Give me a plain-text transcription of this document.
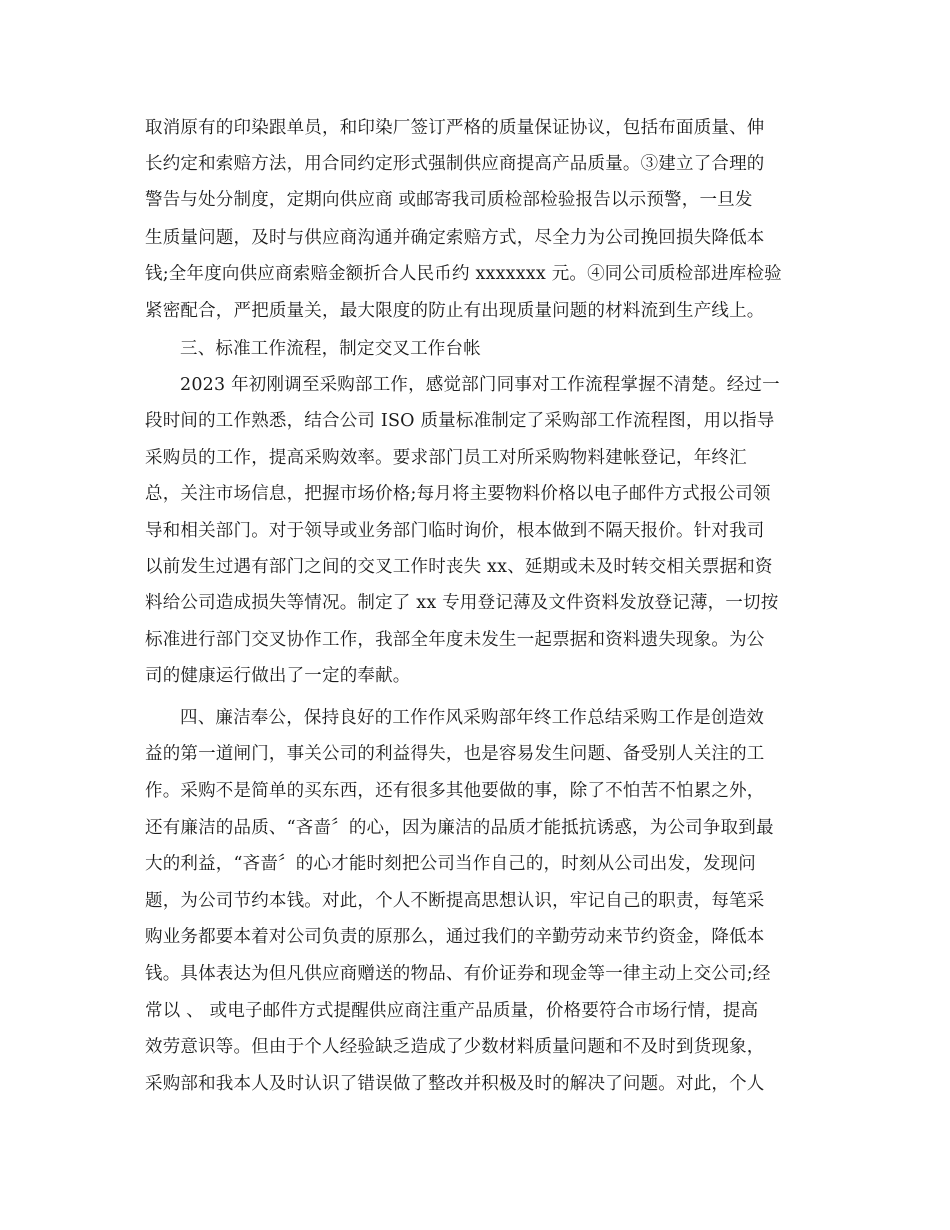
取消原有的印染跟单员，和印染厂签订严格的质量保证协议，包括布面质量、伸
长约定和索赔方法，用合同约定形式强制供应商提高产品质量。③建立了合理的
警告与处分制度，定期向供应商 或邮寄我司质检部检验报告以示预警，一旦发
生质量问题，及时与供应商沟通并确定索赔方式，尽全力为公司挽回损失降低本
钱;全年度向供应商索赔金额折合人民币约 xxxxxxx 元。④同公司质检部进库检验
紧密配合，严把质量关，最大限度的防止有出现质量问题的材料流到生产线上。
三、标准工作流程，制定交叉工作台帐
2023 年初刚调至采购部工作，感觉部门同事对工作流程掌握不清楚。经过一
段时间的工作熟悉，结合公司 ISO 质量标准制定了采购部工作流程图，用以指导
采购员的工作，提高采购效率。要求部门员工对所采购物料建帐登记，年终汇
总，关注市场信息，把握市场价格;每月将主要物料价格以电子邮件方式报公司领
导和相关部门。对于领导或业务部门临时询价，根本做到不隔天报价。针对我司
以前发生过遇有部门之间的交叉工作时丧失 xx、延期或未及时转交相关票据和资
料给公司造成损失等情况。制定了 xx 专用登记薄及文件资料发放登记薄，一切按
标准进行部门交叉协作工作，我部全年度未发生一起票据和资料遗失现象。为公
司的健康运行做出了一定的奉献。
四、廉洁奉公，保持良好的工作作风采购部年终工作总结采购工作是创造效
益的第一道闸门，事关公司的利益得失，也是容易发生问题、备受别人关注的工
作。采购不是简单的买东西，还有很多其他要做的事，除了不怕苦不怕累之外，
还有廉洁的品质、“吝啬〞的心，因为廉洁的品质才能抵抗诱惑，为公司争取到最
大的利益，“吝啬〞的心才能时刻把公司当作自己的，时刻从公司出发，发现问
题，为公司节约本钱。对此，个人不断提高思想认识，牢记自己的职责，每笔采
购业务都要本着对公司负责的原那么，通过我们的辛勤劳动来节约资金，降低本
钱。具体表达为但凡供应商赠送的物品、有价证券和现金等一律主动上交公司;经
常以 、 或电子邮件方式提醒供应商注重产品质量，价格要符合市场行情，提高
效劳意识等。但由于个人经验缺乏造成了少数材料质量问题和不及时到货现象，
采购部和我本人及时认识了错误做了整改并积极及时的解决了问题。对此，个人
